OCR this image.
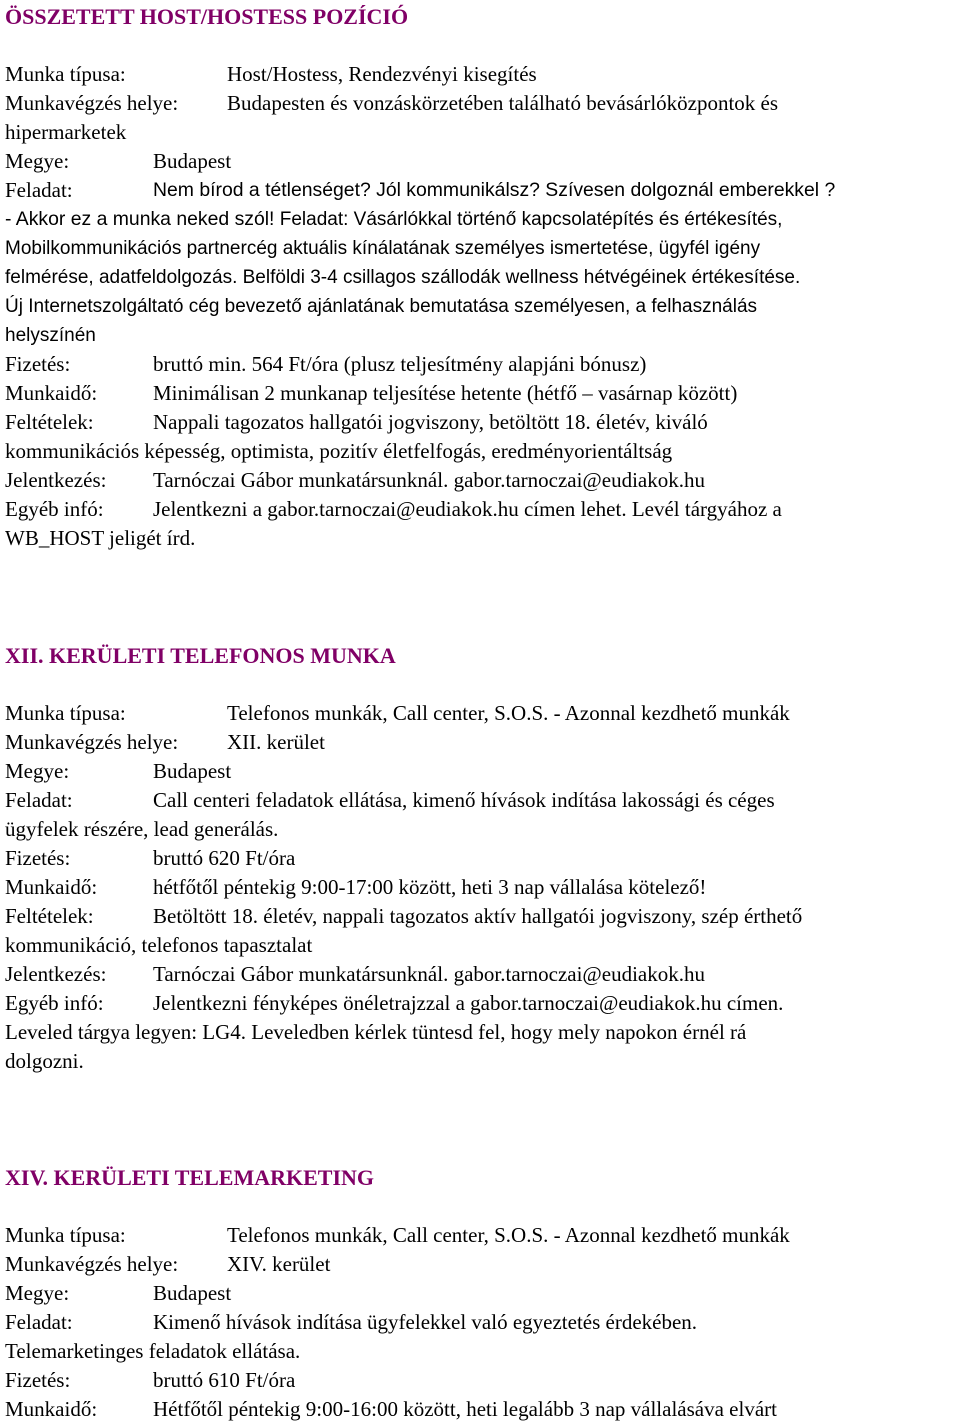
ÖSSZETETT HOST/HOSTESS POZÍCIÓ
Munka típusa:	Host/Hostess, Rendezvényi kisegítés
Munkavégzés helye: Budapesten és vonzáskörzetében található bevásárlóközpontok és
hipermarketek
Megye:	Budapest
Feladat:	Nem bírod a tétlenséget? Jól kommunikálsz? Szívesen dolgoznál emberekkel ?
- Akkor ez a munka neked szól! Feladat: Vásárlókkal történő kapcsolatépítés és értékesítés,
Mobilkommunikációs partnercég aktuális kínálatának személyes ismertetése, ügyfél igény
felmérése, adatfeldolgozás. Belföldi 3-4 csillagos szállodák wellness hétvégéinek értékesítése.
Új Internetszolgáltató cég bevezető ajánlatának bemutatása személyesen, a felhasználás
helyszínén
Fizetés:	bruttó min. 564 Ft/óra (plusz teljesítmény alapjáni bónusz)
Munkaidő:	Minimálisan 2 munkanap teljesítése hetente (hétfő – vasárnap között)
Feltételek:	Nappali tagozatos hallgatói jogviszony, betöltött 18. életév, kiváló
kommunikációs képesség, optimista, pozitív életfelfogás, eredményorientáltság
Jelentkezés: Tarnóczai Gábor munkatársunknál. gabor.tarnoczai@eudiakok.hu
Egyéb infó: Jelentkezni a gabor.tarnoczai@eudiakok.hu címen lehet. Levél tárgyához a
WB_HOST jeligét írd.
XII. KERÜLETI TELEFONOS MUNKA
Munka típusa:	Telefonos munkák, Call center, S.O.S. - Azonnal kezdhető munkák
Munkavégzés helye: XII. kerület
Megye:	Budapest
Feladat:	Call centeri feladatok ellátása, kimenő hívások indítása lakossági és céges
ügyfelek részére, lead generálás.
Fizetés:	bruttó 620 Ft/óra
Munkaidő:	hétfőtől péntekig 9:00-17:00 között, heti 3 nap vállalása kötelező!
Feltételek:	Betöltött 18. életév, nappali tagozatos aktív hallgatói jogviszony, szép érthető
kommunikáció, telefonos tapasztalat
Jelentkezés: Tarnóczai Gábor munkatársunknál. gabor.tarnoczai@eudiakok.hu
Egyéb infó: Jelentkezni fényképes önéletrajzzal a gabor.tarnoczai@eudiakok.hu címen.
Leveled tárgya legyen: LG4. Leveledben kérlek tüntesd fel, hogy mely napokon érnél rá
dolgozni.
XIV. KERÜLETI TELEMARKETING
Munka típusa:	Telefonos munkák, Call center, S.O.S. - Azonnal kezdhető munkák
Munkavégzés helye: XIV. kerület
Megye:	Budapest
Feladat:	Kimenő hívások indítása ügyfelekkel való egyeztetés érdekében.
Telemarketinges feladatok ellátása.
Fizetés:	bruttó 610 Ft/óra
Munkaidő:	Hétfőtől péntekig 9:00-16:00 között, heti legalább 3 nap vállalásáva elvárt
